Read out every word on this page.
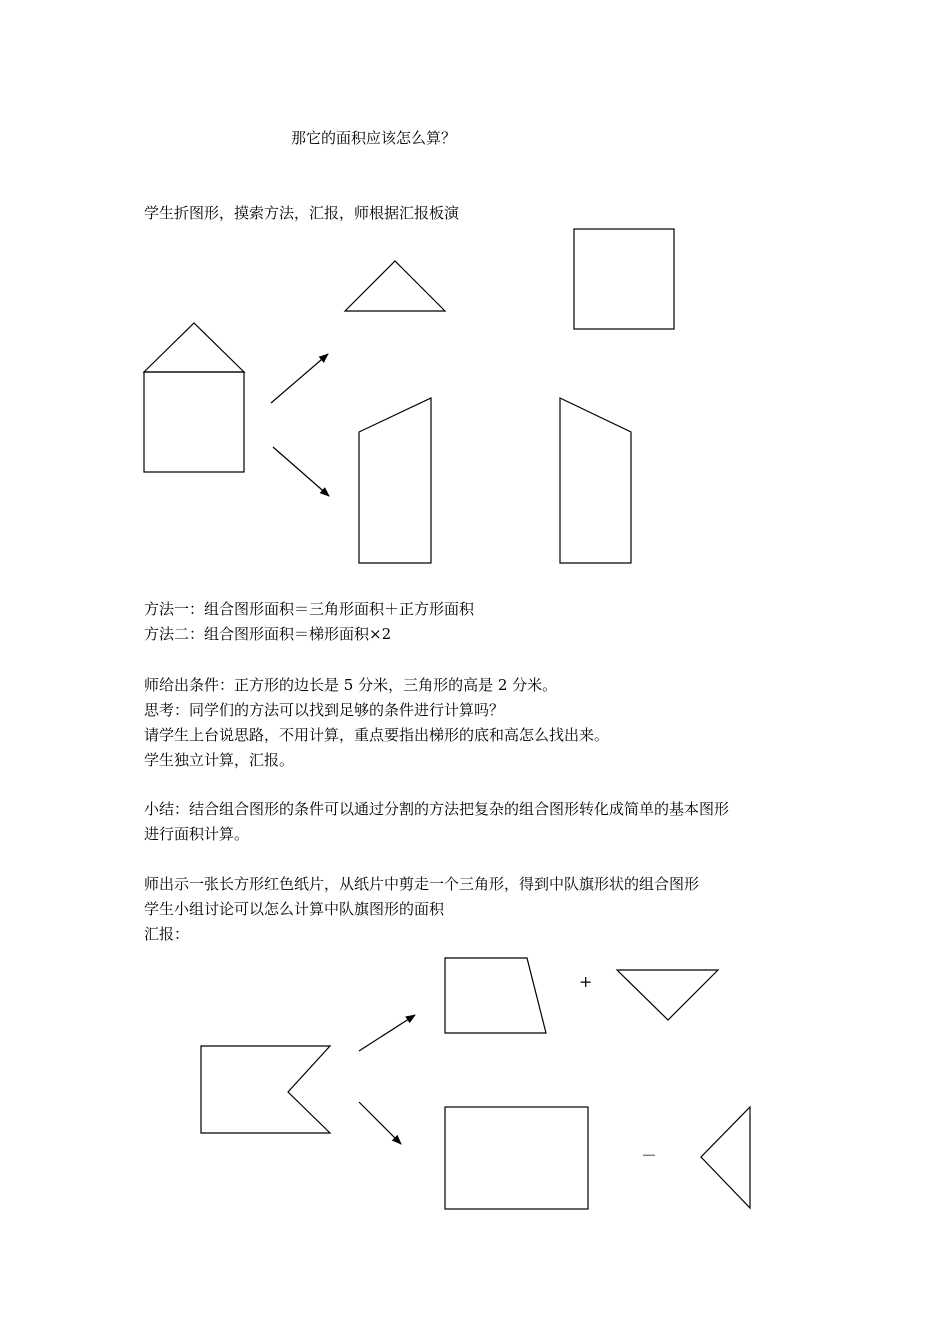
那它的面积应该怎么算？
学生折图形，摸索方法，汇报，师根据汇报板演
方法一：组合图形面积＝三角形面积＋正方形面积
方法二：组合图形面积＝梯形面积×2
师给出条件：正方形的边长是 5 分米，三角形的高是 2 分米。
思考：同学们的方法可以找到足够的条件进行计算吗？
请学生上台说思路，不用计算，重点要指出梯形的底和高怎么找出来。
学生独立计算，汇报。
小结：结合组合图形的条件可以通过分割的方法把复杂的组合图形转化成简单的基本图形
进行面积计算。
师出示一张长方形红色纸片，从纸片中剪走一个三角形，得到中队旗形状的组合图形
学生小组讨论可以怎么计算中队旗图形的面积
汇报：
+
－
